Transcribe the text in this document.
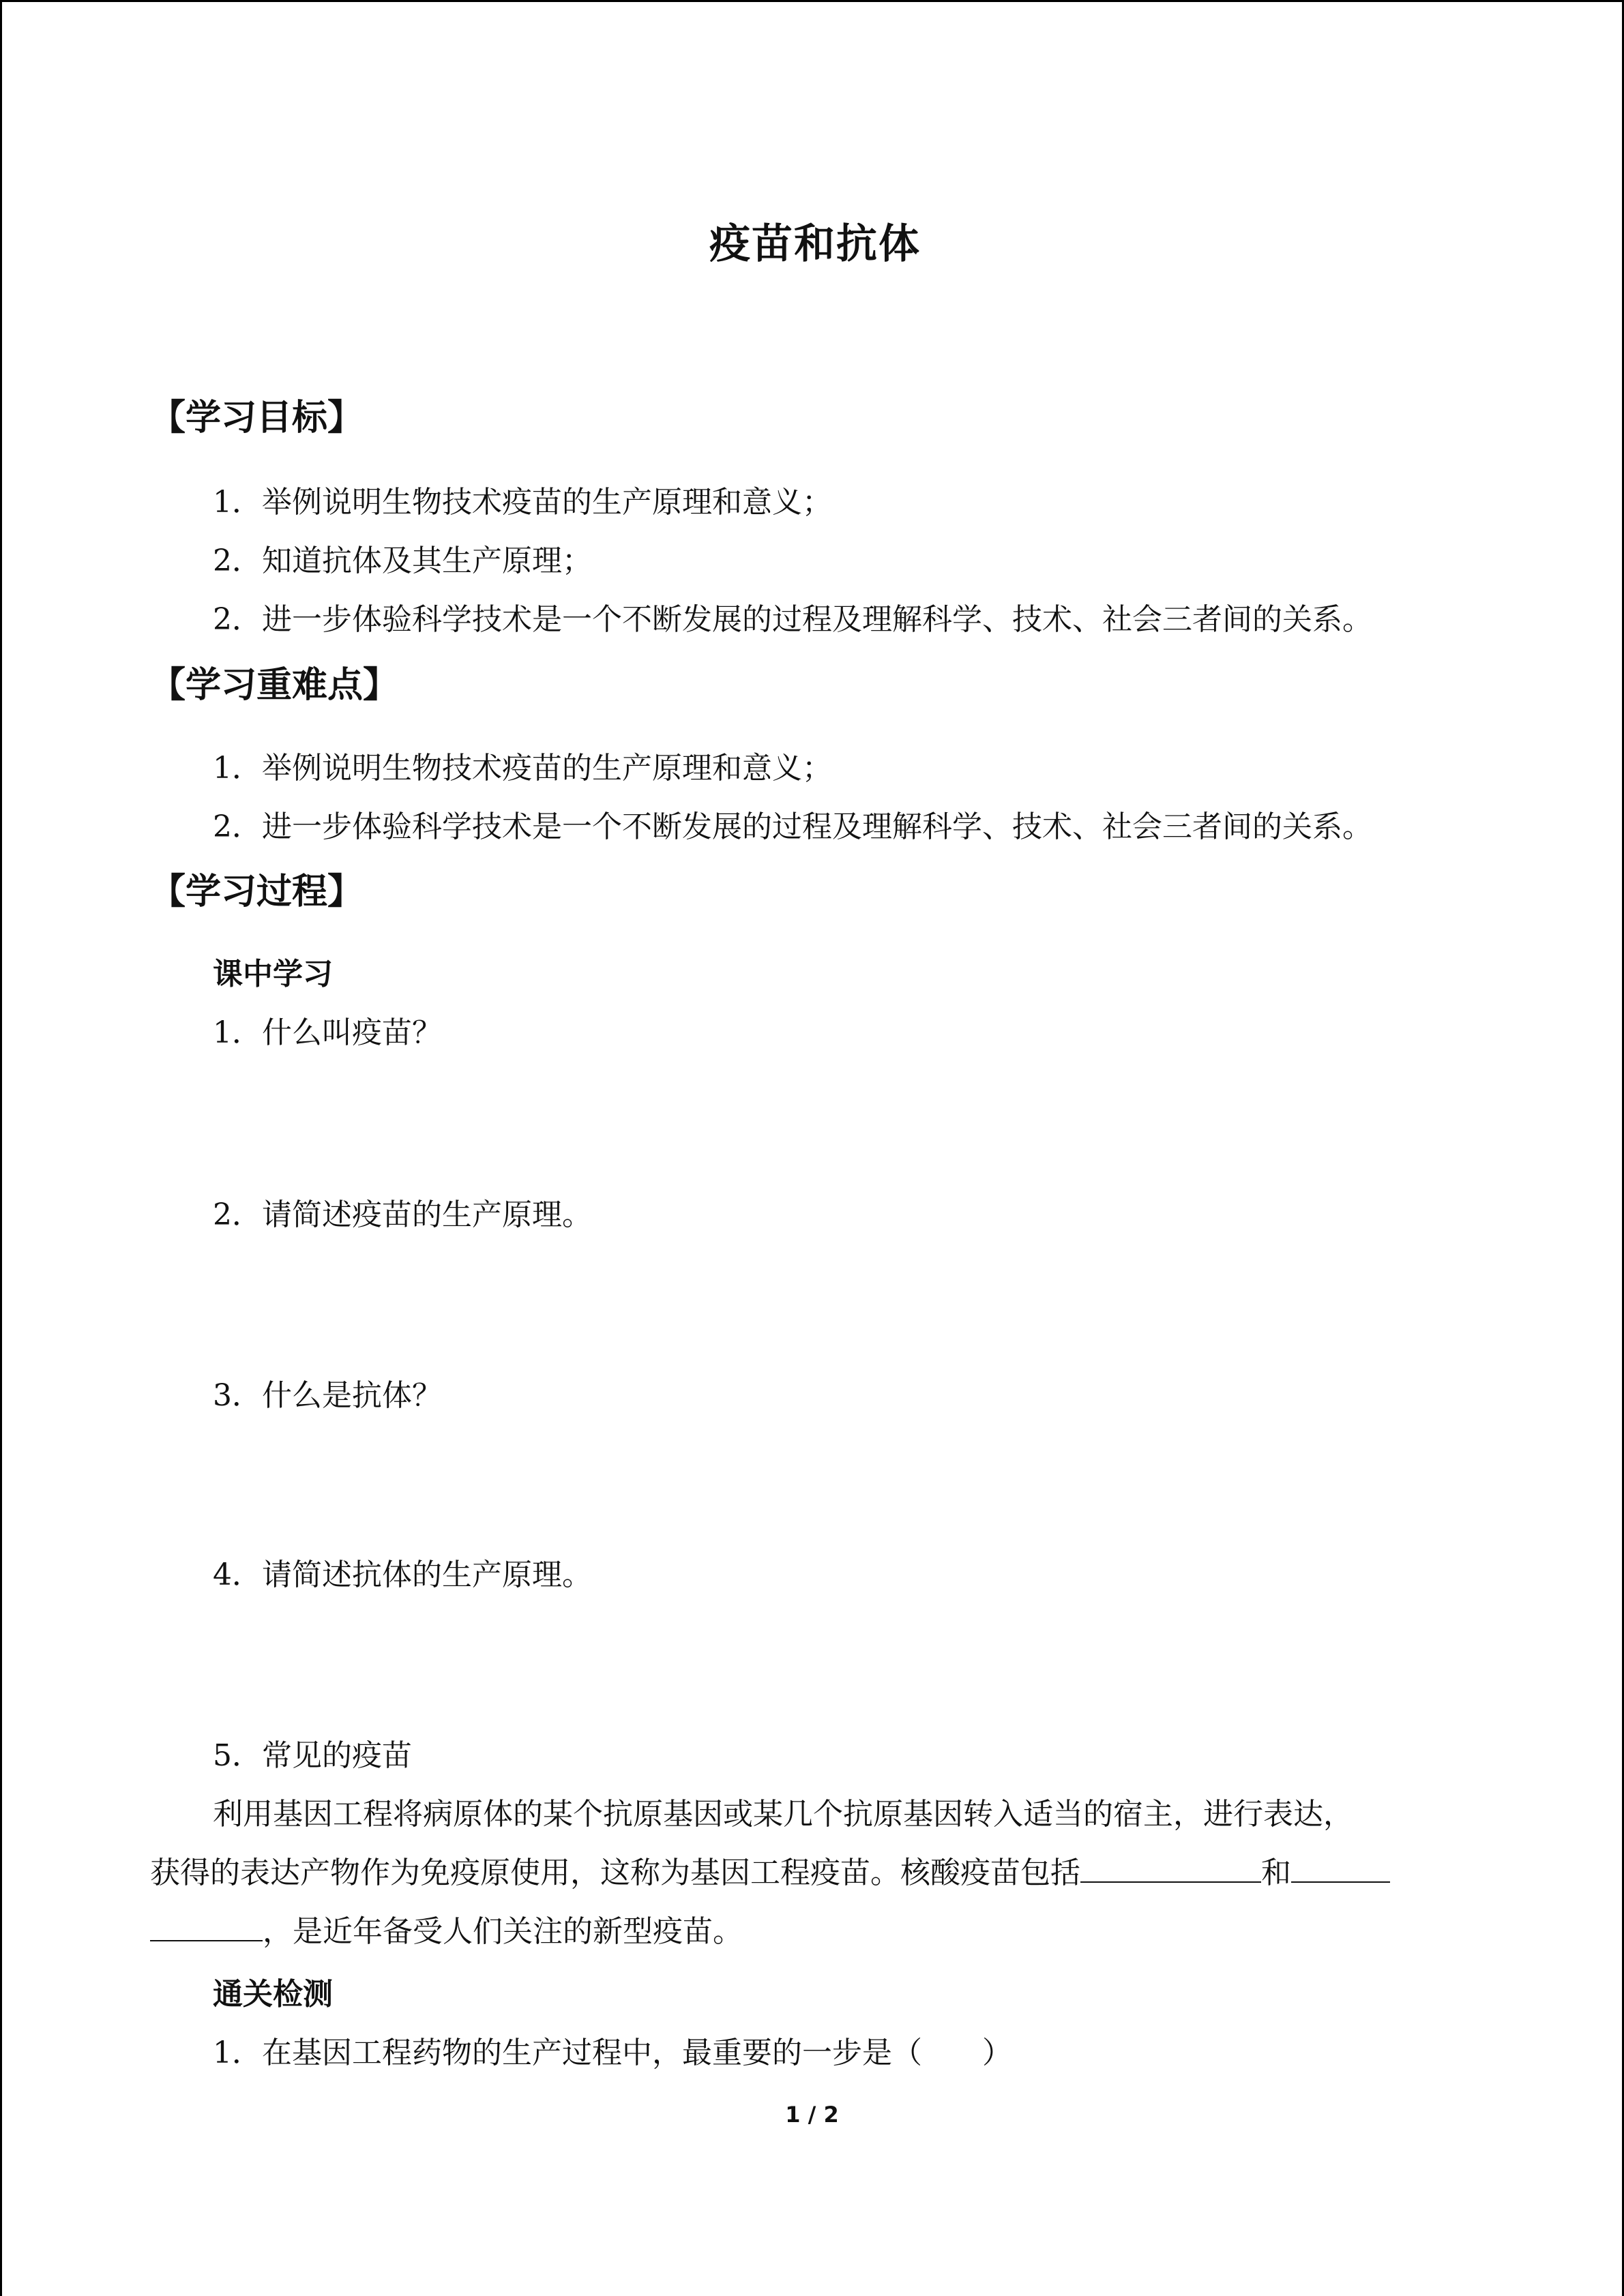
疫苗和抗体
【学习目标】
1．举例说明生物技术疫苗的生产原理和意义；
2．知道抗体及其生产原理；
2．进一步体验科学技术是一个不断发展的过程及理解科学、技术、社会三者间的关系。
【学习重难点】
1．举例说明生物技术疫苗的生产原理和意义；
2．进一步体验科学技术是一个不断发展的过程及理解科学、技术、社会三者间的关系。
【学习过程】
课中学习
1．什么叫疫苗？
2．请简述疫苗的生产原理。
3．什么是抗体？
4．请简述抗体的生产原理。
5．常见的疫苗
利用基因工程将病原体的某个抗原基因或某几个抗原基因转入适当的宿主，进行表达，
获得的表达产物作为免疫原使用，这称为基因工程疫苗。核酸疫苗包括	和
，是近年备受人们关注的新型疫苗。
通关检测
1．在基因工程药物的生产过程中，最重要的一步是（　　）
1 / 2
